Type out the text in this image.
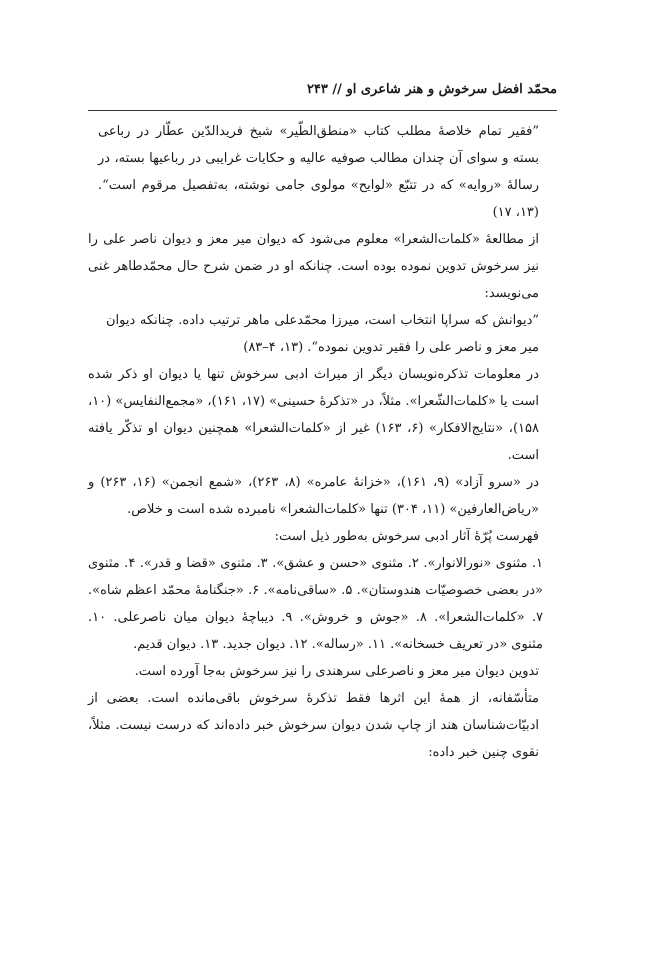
محمّد افضل سرخوش و هنر شاعری او // ۲۴۳

”فقیر تمام خلاصهٔ مطلب کتاب «منطق‌الطّیر» شیخ فریدالدّین عطّار در رباعی بسته و سوای آن چندان مطالب صوفیه عالیه و حکایات غرایبی در رباعیها بسته، در رسالهٔ «روایه» که در تتبّع «لوایح» مولوی جامی نوشته، به‌تفصیل مرقوم است“. (۱۳، ۱۷)

از مطالعهٔ «کلمات‌الشعرا» معلوم می‌شود که دیوان میر معز و دیوان ناصر علی را نیز سرخوش تدوین نموده بوده است. چنانکه او در ضمن شرح حال محمّدطاهر غنی می‌نویسد:

”دیوانش که سراپا انتخاب است، میرزا محمّدعلی ماهر ترتیب داده. چنانکه دیوان میر معز و ناصر علی را فقیر تدوین نموده“. (۱۳، ۴–۸۳)

در معلومات تذکره‌نویسان دیگر از میراث ادبی سرخوش تنها یا دیوان او ذکر شده است یا «کلمات‌الشّعرا». مثلاً، در «تذکرهٔ حسینی» (۱۷، ۱۶۱)، «مجمع‌النفایس» (۱۰، ۱۵۸)، «نتایج‌الافکار» (۶، ۱۶۳) غیر از «کلمات‌الشعرا» همچنین دیوان او تذکّر یافته است.

در «سرو آزاد» (۹، ۱۶۱)، «خزانهٔ عامره» (۸، ۲۶۳)، «شمع انجمن» (۱۶، ۲۶۳) و «ریاض‌العارفین» (۱۱، ۳۰۴) تنها «کلمات‌الشعرا» نامبرده شده است و خلاص.

فهرست پُرّهٔ آثار ادبی سرخوش به‌طور ذیل است:

۱. مثنوی «نورالانوار». ۲. مثنوی «حسن و عشق». ۳. مثنوی «قضا و قدر». ۴. مثنوی «در بعضی خصوصیّات هندوستان». ۵. «ساقی‌نامه». ۶. «جنگنامهٔ محمّد اعظم شاه». ۷. «کلمات‌الشعرا». ۸. «جوش و خروش». ۹. دیباچهٔ دیوان میان ناصرعلی. ۱۰. مثنوی «در تعریف خسخانه». ۱۱. «رساله». ۱۲. دیوان جدید. ۱۳. دیوان قدیم.

تدوین دیوان میر معز و ناصرعلی سرهندی را نیز سرخوش به‌جا آورده است.

متأسّفانه، از همهٔ این اثرها فقط تذکرهٔ سرخوش باقی‌مانده است. بعضی از ادبیّات‌شناسان هند از چاپ شدن دیوان سرخوش خبر داده‌اند که درست نیست. مثلاً، نقوی چنین خبر داده:
